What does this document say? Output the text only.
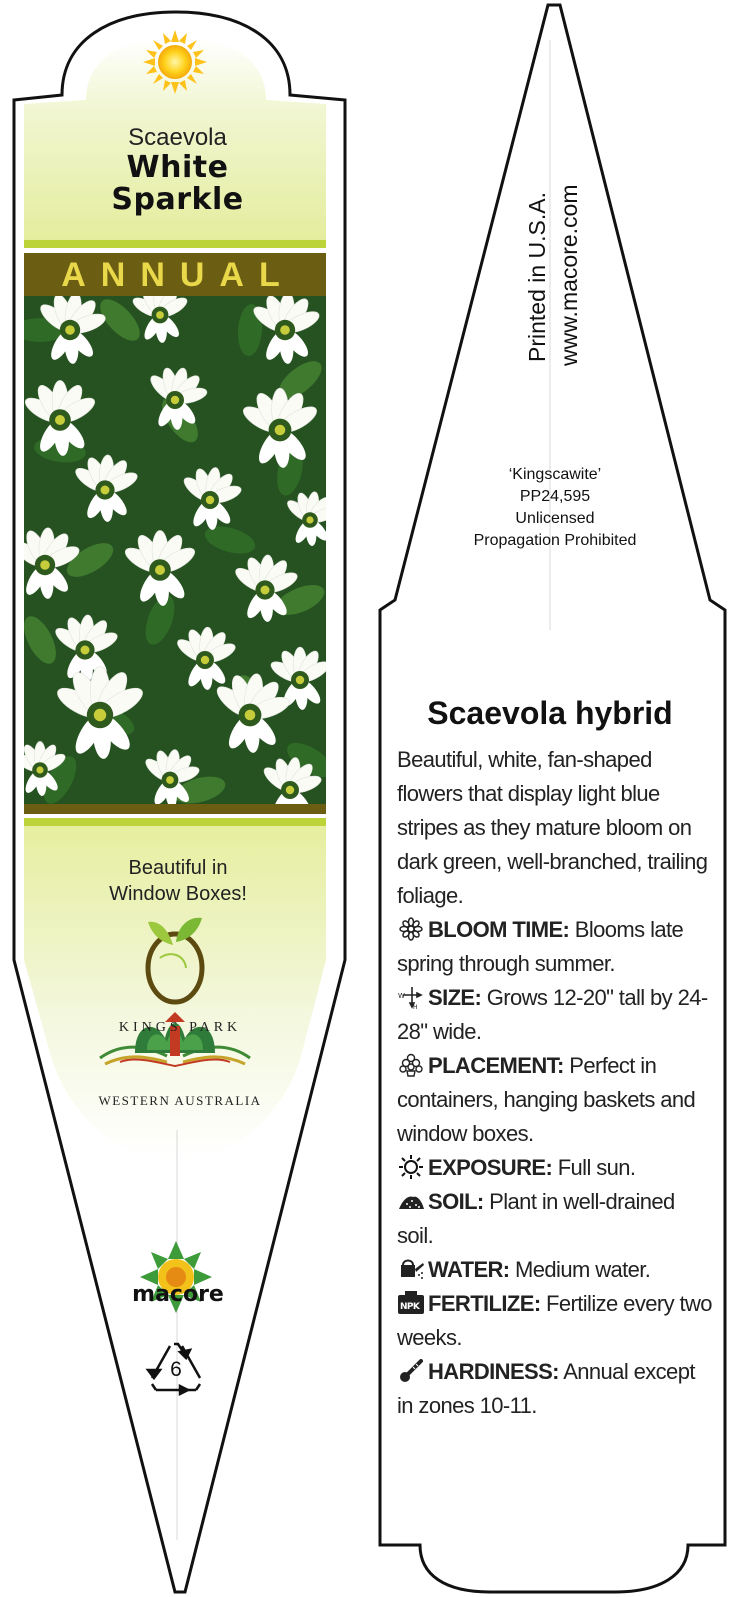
Scaevola
White
Sparkle
ANNUAL
Beautiful in
Window Boxes!
KINGS PARK
WESTERN AUSTRALIA
macore
6
Printed in U.S.A. www.macore.com
‘Kingscawite’
PP24,595
Unlicensed
Propagation Prohibited
Scaevola hybrid

Beautiful, white, fan-shaped flowers that display light blue stripes as they mature bloom on dark green, well-branched, trailing foliage.

BLOOM TIME: Blooms late spring through summer.

W
H SIZE: Grows 12-20" tall by 24-28" wide.

PLACEMENT: Perfect in containers, hanging baskets and window boxes.

EXPOSURE: Full sun.

SOIL: Plant in well-drained soil.

WATER: Medium water.

NPK FERTILIZE: Fertilize every two weeks.

HARDINESS: Annual except in zones 10-11.
